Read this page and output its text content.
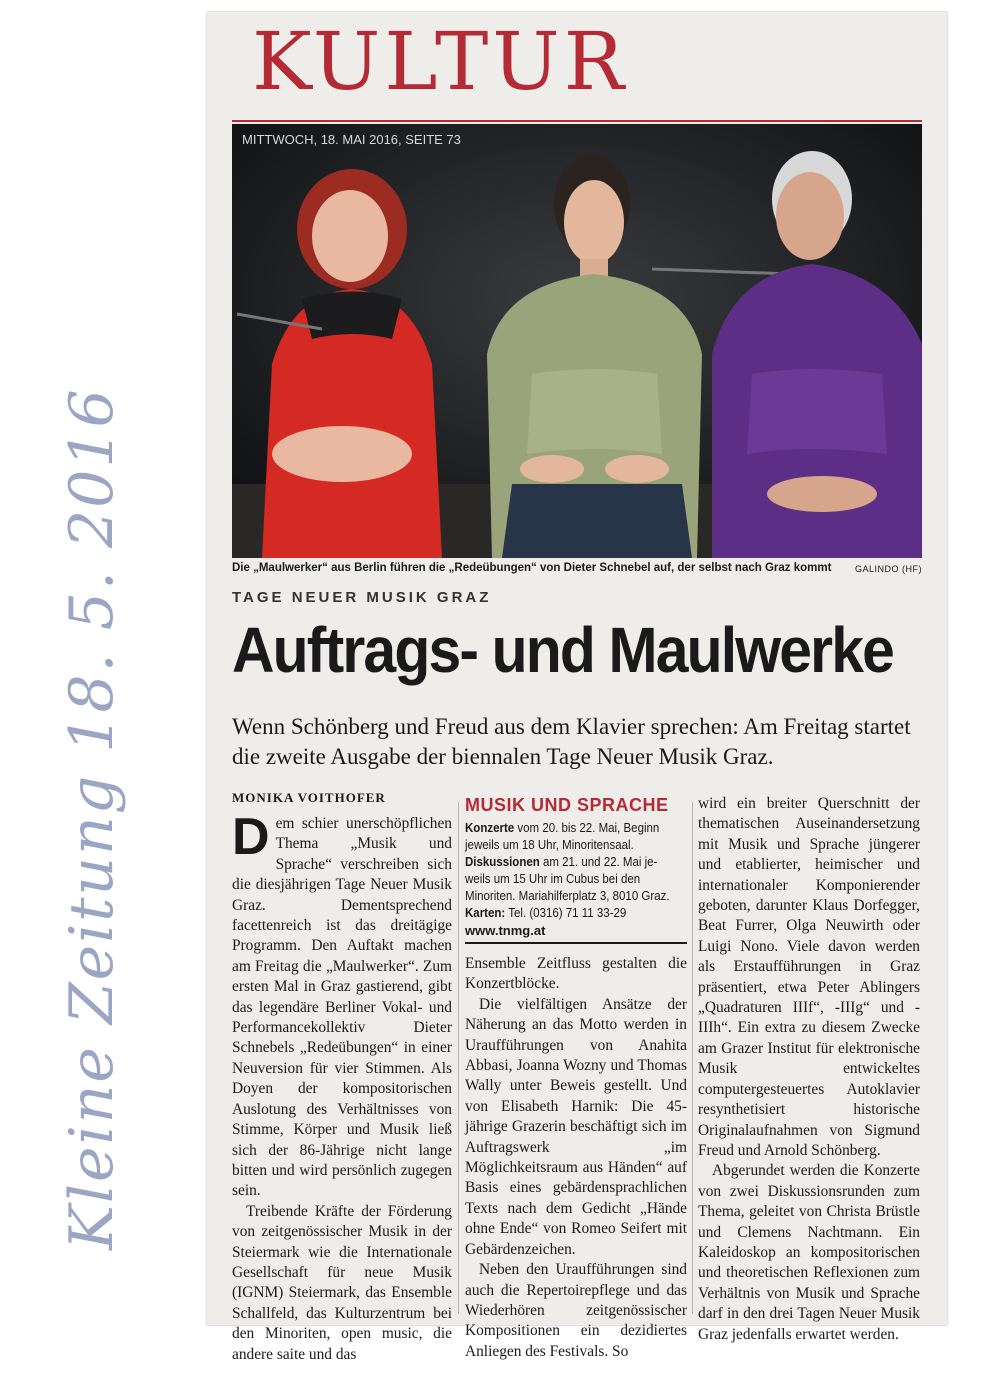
Kleine Zeitung 18. 5. 2016
KULTUR
MITTWOCH, 18. MAI 2016, SEITE 73
Die „Maulwerker“ aus Berlin führen die „Redeübungen“ von Dieter Schnebel auf, der selbst nach Graz kommt	GALINDO (HF)
TAGE NEUER MUSIK GRAZ
Auftrags- und Maulwerke
Wenn Schönberg und Freud aus dem Klavier sprechen: Am Freitag startet die zweite Ausgabe der biennalen Tage Neuer Musik Graz.
MONIKA VOITHOFER

Dem schier unerschöpflichen Thema „Musik und Sprache“ verschreiben sich die diesjährigen Tage Neuer Musik Graz. Dementsprechend facettenreich ist das dreitägige Programm. Den Auftakt machen am Freitag die „Maulwerker“. Zum ersten Mal in Graz gastierend, gibt das legendäre Berliner Vokal- und Performancekollektiv Dieter Schnebels „Redeübungen“ in einer Neuversion für vier Stimmen. Als Doyen der kompositorischen Auslotung des Verhältnisses von Stimme, Körper und Musik ließ sich der 86-Jährige nicht lange bitten und wird persönlich zugegen sein.

Treibende Kräfte der Förderung von zeitgenössischer Musik in der Steiermark wie die Internationale Gesellschaft für neue Musik (IGNM) Steiermark, das Ensemble Schallfeld, das Kulturzentrum bei den Minoriten, open music, die andere saite und das

MUSIK UND SPRACHE
Konzerte vom 20. bis 22. Mai, Beginn
jeweils um 18 Uhr, Minoritensaal.
Diskussionen am 21. und 22. Mai je-
weils um 15 Uhr im Cubus bei den
Minoriten. Mariahilferplatz 3, 8010 Graz.
Karten: Tel. (0316) 71 11 33-29
www.tnmg.at

Ensemble Zeitfluss gestalten die Konzertblöcke.

Die vielfältigen Ansätze der Näherung an das Motto werden in Uraufführungen von Anahita Abbasi, Joanna Wozny und Thomas Wally unter Beweis gestellt. Und von Elisabeth Harnik: Die 45-jährige Grazerin beschäftigt sich im Auftragswerk „im Möglichkeitsraum aus Händen“ auf Basis eines gebärdensprachlichen Texts nach dem Gedicht „Hände ohne Ende“ von Romeo Seifert mit Gebärdenzeichen.

Neben den Uraufführungen sind auch die Repertoirepflege und das Wiederhören zeitgenössischer Kompositionen ein dezidiertes Anliegen des Festivals. So

wird ein breiter Querschnitt der thematischen Auseinandersetzung mit Musik und Sprache jüngerer und etablierter, heimischer und internationaler Komponierender geboten, darunter Klaus Dorfegger, Beat Furrer, Olga Neuwirth oder Luigi Nono. Viele davon werden als Erstaufführungen in Graz präsentiert, etwa Peter Ablingers „Quadraturen IIIf“, -IIIg“ und -IIIh“. Ein extra zu diesem Zwecke am Grazer Institut für elektronische Musik entwickeltes computergesteuertes Autoklavier resynthetisiert historische Originalaufnahmen von Sigmund Freud und Arnold Schönberg.

Abgerundet werden die Konzerte von zwei Diskussionsrunden zum Thema, geleitet von Christa Brüstle und Clemens Nachtmann. Ein Kaleidoskop an kompositorischen und theoretischen Reflexionen zum Verhältnis von Musik und Sprache darf in den drei Tagen Neuer Musik Graz jedenfalls erwartet werden.
